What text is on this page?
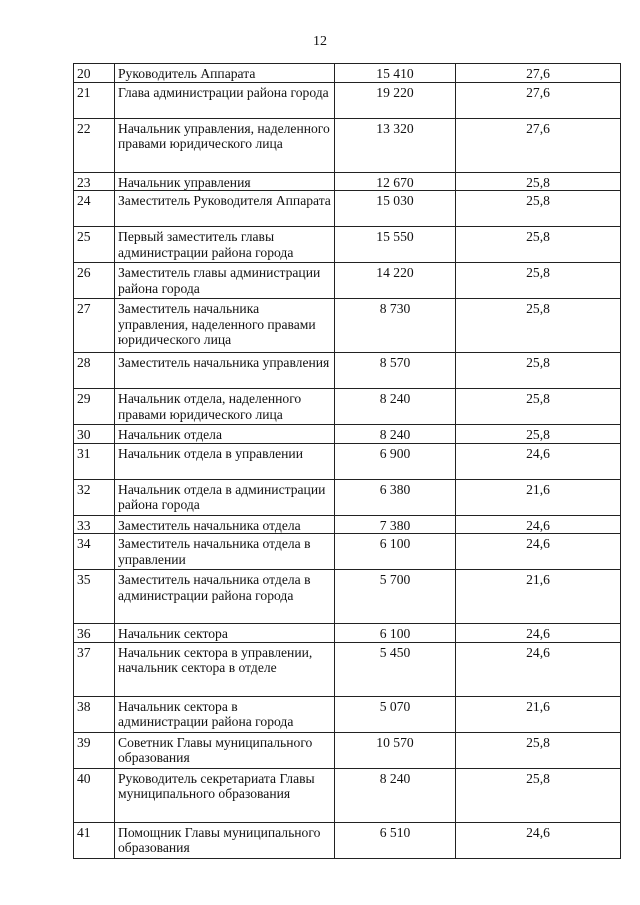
12
20	Руководитель Аппарата	15 410	27,6
21	Глава администрации района города	19 220	27,6
22	Начальник управления, наделенного правами юридического лица	13 320	27,6
23	Начальник управления	12 670	25,8
24	Заместитель Руководителя Аппарата	15 030	25,8
25	Первый заместитель главы администрации района города	15 550	25,8
26	Заместитель главы администрации района города	14 220	25,8
27	Заместитель начальника управления, наделенного правами юридического лица	8 730	25,8
28	Заместитель начальника управления	8 570	25,8
29	Начальник отдела, наделенного правами юридического лица	8 240	25,8
30	Начальник отдела	8 240	25,8
31	Начальник отдела в управлении	6 900	24,6
32	Начальник отдела в администрации района города	6 380	21,6
33	Заместитель начальника отдела	7 380	24,6
34	Заместитель начальника отдела в управлении	6 100	24,6
35	Заместитель начальника отдела в администрации района города	5 700	21,6
36	Начальник сектора	6 100	24,6
37	Начальник сектора в управлении, начальник сектора в отделе	5 450	24,6
38	Начальник сектора в администрации района города	5 070	21,6
39	Советник Главы муниципального образования	10 570	25,8
40	Руководитель секретариата Главы муниципального образования	8 240	25,8
41	Помощник Главы муниципального образования	6 510	24,6
